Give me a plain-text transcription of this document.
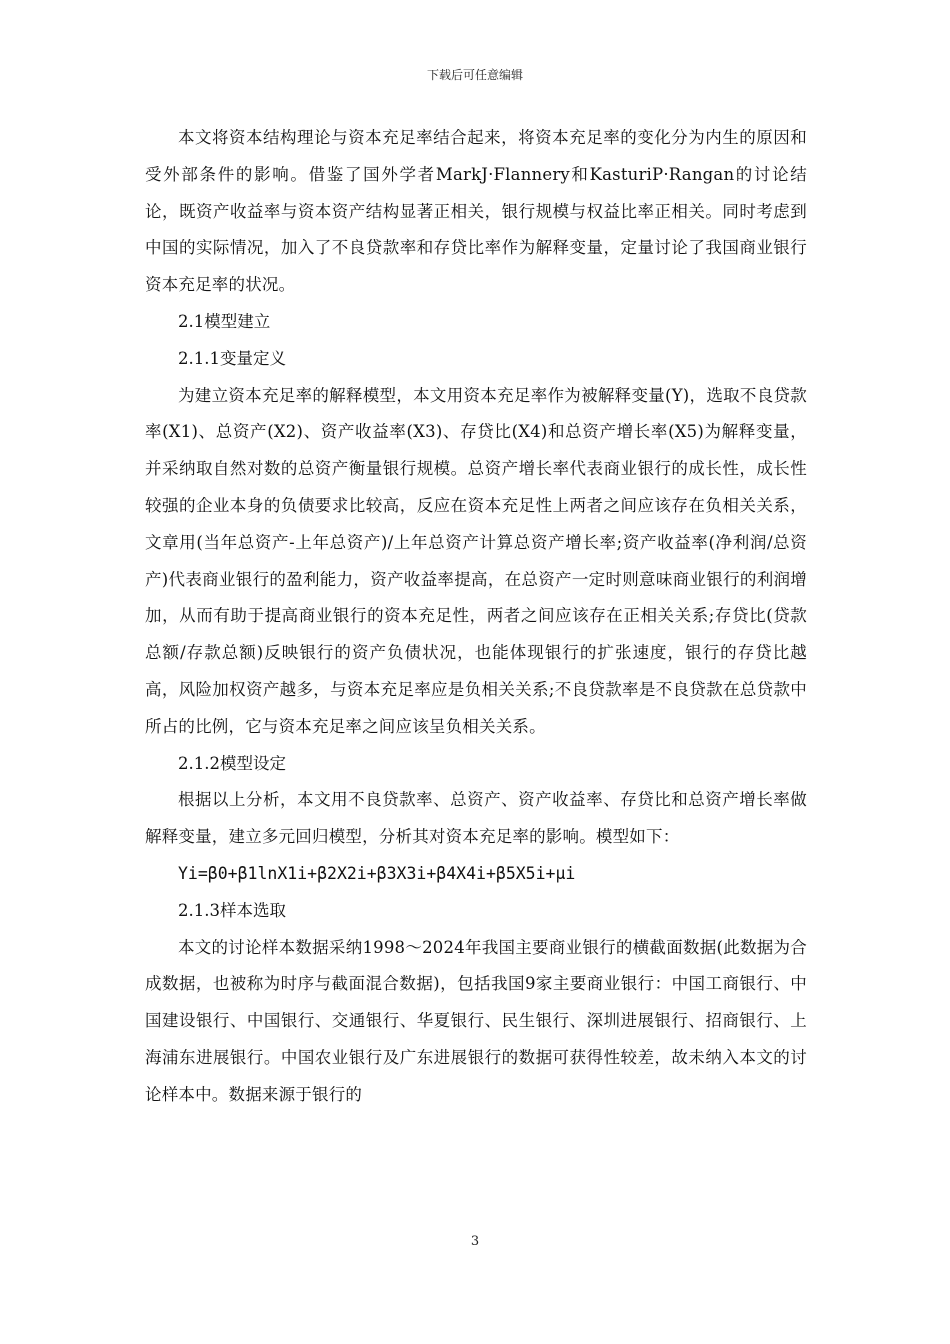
下载后可任意编辑

本文将资本结构理论与资本充足率结合起来，将资本充足率的变化分为内生的原因和受外部条件的影响。借鉴了国外学者MarkJ·Flannery和KasturiP·Rangan的讨论结论，既资产收益率与资本资产结构显著正相关，银行规模与权益比率正相关。同时考虑到中国的实际情况，加入了不良贷款率和存贷比率作为解释变量，定量讨论了我国商业银行资本充足率的状况。

2.1模型建立

2.1.1变量定义

为建立资本充足率的解释模型，本文用资本充足率作为被解释变量(Y)，选取不良贷款率(X1)、总资产(X2)、资产收益率(X3)、存贷比(X4)和总资产增长率(X5)为解释变量，并采纳取自然对数的总资产衡量银行规模。总资产增长率代表商业银行的成长性，成长性较强的企业本身的负债要求比较高，反应在资本充足性上两者之间应该存在负相关关系，文章用(当年总资产-上年总资产)/上年总资产计算总资产增长率;资产收益率(净利润/总资产)代表商业银行的盈利能力，资产收益率提高，在总资产一定时则意味商业银行的利润增加，从而有助于提高商业银行的资本充足性，两者之间应该存在正相关关系;存贷比(贷款总额/存款总额)反映银行的资产负债状况，也能体现银行的扩张速度，银行的存贷比越高，风险加权资产越多，与资本充足率应是负相关关系;不良贷款率是不良贷款在总贷款中所占的比例，它与资本充足率之间应该呈负相关关系。

2.1.2模型设定

根据以上分析，本文用不良贷款率、总资产、资产收益率、存贷比和总资产增长率做解释变量，建立多元回归模型，分析其对资本充足率的影响。模型如下：

Yi=β0+β1lnX1i+β2X2i+β3X3i+β4X4i+β5X5i+μi

2.1.3样本选取

本文的讨论样本数据采纳1998～2024年我国主要商业银行的横截面数据(此数据为合成数据，也被称为时序与截面混合数据)，包括我国9家主要商业银行：中国工商银行、中国建设银行、中国银行、交通银行、华夏银行、民生银行、深圳进展银行、招商银行、上海浦东进展银行。中国农业银行及广东进展银行的数据可获得性较差，故未纳入本文的讨论样本中。数据来源于银行的

3
